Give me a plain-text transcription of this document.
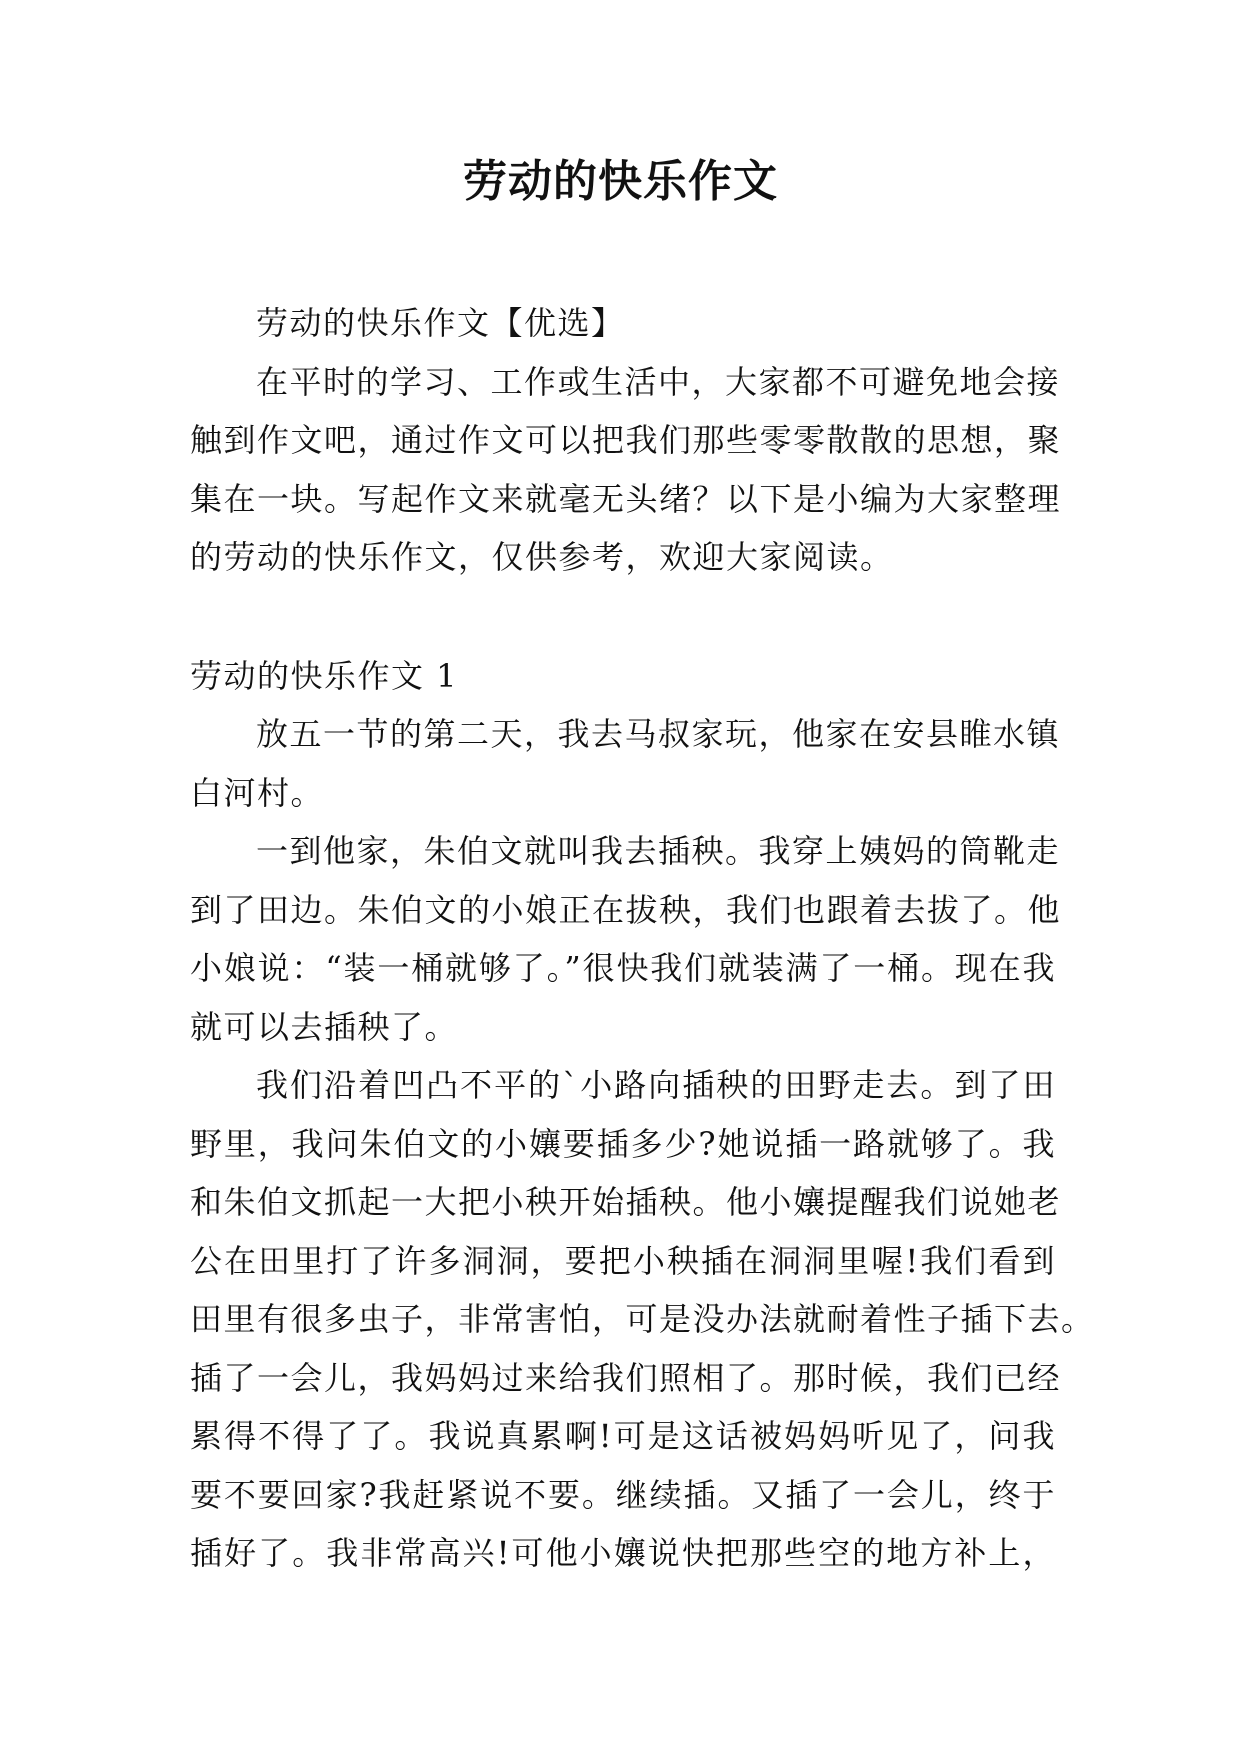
劳动的快乐作文
劳动的快乐作文【优选】
在平时的学习、工作或生活中，大家都不可避免地会接
触到作文吧，通过作文可以把我们那些零零散散的思想，聚
集在一块。写起作文来就毫无头绪？以下是小编为大家整理
的劳动的快乐作文，仅供参考，欢迎大家阅读。
劳动的快乐作文 1
放五一节的第二天，我去马叔家玩，他家在安县睢水镇
白河村。
一到他家，朱伯文就叫我去插秧。我穿上姨妈的筒靴走
到了田边。朱伯文的小娘正在拔秧，我们也跟着去拔了。他
小娘说：“装一桶就够了。”很快我们就装满了一桶。现在我
就可以去插秧了。
我们沿着凹凸不平的`小路向插秧的田野走去。到了田
野里，我问朱伯文的小孃要插多少?她说插一路就够了。我
和朱伯文抓起一大把小秧开始插秧。他小孃提醒我们说她老
公在田里打了许多洞洞，要把小秧插在洞洞里喔!我们看到
田里有很多虫子，非常害怕，可是没办法就耐着性子插下去。
插了一会儿，我妈妈过来给我们照相了。那时候，我们已经
累得不得了了。我说真累啊!可是这话被妈妈听见了，问我
要不要回家?我赶紧说不要。继续插。又插了一会儿，终于
插好了。我非常高兴!可他小孃说快把那些空的地方补上，
